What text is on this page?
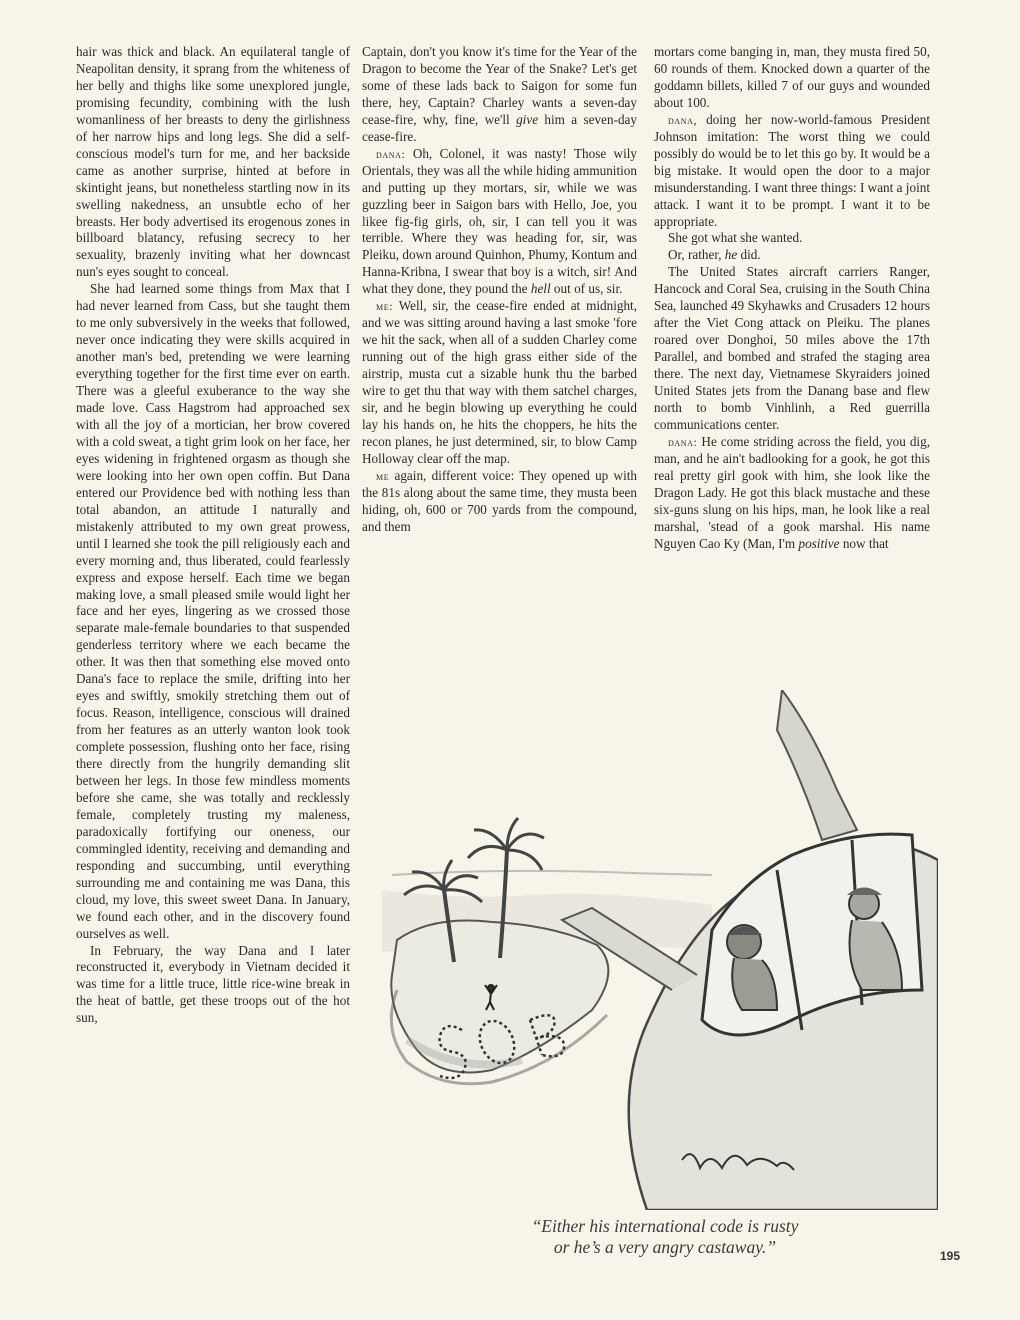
hair was thick and black. An equilateral tangle of Neapolitan density, it sprang from the whiteness of her belly and thighs like some unexplored jungle, promising fecundity, combining with the lush womanliness of her breasts to deny the girlishness of her narrow hips and long legs. She did a self-conscious model's turn for me, and her backside came as another surprise, hinted at before in skintight jeans, but nonetheless startling now in its swelling nakedness, an unsubtle echo of her breasts. Her body advertised its erogenous zones in billboard blatancy, refusing secrecy to her sexuality, brazenly inviting what her downcast nun's eyes sought to conceal.

She had learned some things from Max that I had never learned from Cass, but she taught them to me only subversively in the weeks that followed, never once indicating they were skills acquired in another man's bed, pretending we were learning everything together for the first time ever on earth. There was a gleeful exuberance to the way she made love. Cass Hagstrom had approached sex with all the joy of a mortician, her brow covered with a cold sweat, a tight grim look on her face, her eyes widening in frightened orgasm as though she were looking into her own open coffin. But Dana entered our Providence bed with nothing less than total abandon, an attitude I naturally and mistakenly attributed to my own great prowess, until I learned she took the pill religiously each and every morning and, thus liberated, could fearlessly express and expose herself. Each time we began making love, a small pleased smile would light her face and her eyes, lingering as we crossed those separate male-female boundaries to that suspended genderless territory where we each became the other. It was then that something else moved onto Dana's face to replace the smile, drifting into her eyes and swiftly, smokily stretching them out of focus. Reason, intelligence, conscious will drained from her features as an utterly wanton look took complete possession, flushing onto her face, rising there directly from the hungrily demanding slit between her legs. In those few mindless moments before she came, she was totally and recklessly female, completely trusting my maleness, paradoxically fortifying our oneness, our commingled identity, receiving and demanding and responding and succumbing, until everything surrounding me and containing me was Dana, this cloud, my love, this sweet sweet Dana. In January, we found each other, and in the discovery found ourselves as well.

In February, the way Dana and I later reconstructed it, everybody in Vietnam decided it was time for a little truce, little rice-wine break in the heat of battle, get these troops out of the hot sun,

Captain, don't you know it's time for the Year of the Dragon to become the Year of the Snake? Let's get some of these lads back to Saigon for some fun there, hey, Captain? Charley wants a seven-day cease-fire, why, fine, we'll give him a seven-day cease-fire.

dana: Oh, Colonel, it was nasty! Those wily Orientals, they was all the while hiding ammunition and putting up they mortars, sir, while we was guzzling beer in Saigon bars with Hello, Joe, you likee fig-fig girls, oh, sir, I can tell you it was terrible. Where they was heading for, sir, was Pleiku, down around Quinhon, Phumy, Kontum and Hanna-Kribna, I swear that boy is a witch, sir! And what they done, they pound the hell out of us, sir.

me: Well, sir, the cease-fire ended at midnight, and we was sitting around having a last smoke 'fore we hit the sack, when all of a sudden Charley come running out of the high grass either side of the airstrip, musta cut a sizable hunk thu the barbed wire to get thu that way with them satchel charges, sir, and he begin blowing up everything he could lay his hands on, he hits the choppers, he hits the recon planes, he just determined, sir, to blow Camp Holloway clear off the map.

me again, different voice: They opened up with the 81s along about the same time, they musta been hiding, oh, 600 or 700 yards from the compound, and them

mortars come banging in, man, they musta fired 50, 60 rounds of them. Knocked down a quarter of the goddamn billets, killed 7 of our guys and wounded about 100.

dana, doing her now-world-famous President Johnson imitation: The worst thing we could possibly do would be to let this go by. It would be a big mistake. It would open the door to a major misunderstanding. I want three things: I want a joint attack. I want it to be prompt. I want it to be appropriate.

She got what she wanted.

Or, rather, he did.

The United States aircraft carriers Ranger, Hancock and Coral Sea, cruising in the South China Sea, launched 49 Skyhawks and Crusaders 12 hours after the Viet Cong attack on Pleiku. The planes roared over Donghoi, 50 miles above the 17th Parallel, and bombed and strafed the staging area there. The next day, Vietnamese Skyraiders joined United States jets from the Danang base and flew north to bomb Vinhlinh, a Red guerrilla communications center.

dana: He come striding across the field, you dig, man, and he ain't badlooking for a gook, he got this real pretty girl gook with him, she look like the Dragon Lady. He got this black mustache and these six-guns slung on his hips, man, he look like a real marshal, 'stead of a gook marshal. His name Nguyen Cao Ky (Man, I'm positive now that

SOB
“Either his international code is rusty
or he’s a very angry castaway.”	195
